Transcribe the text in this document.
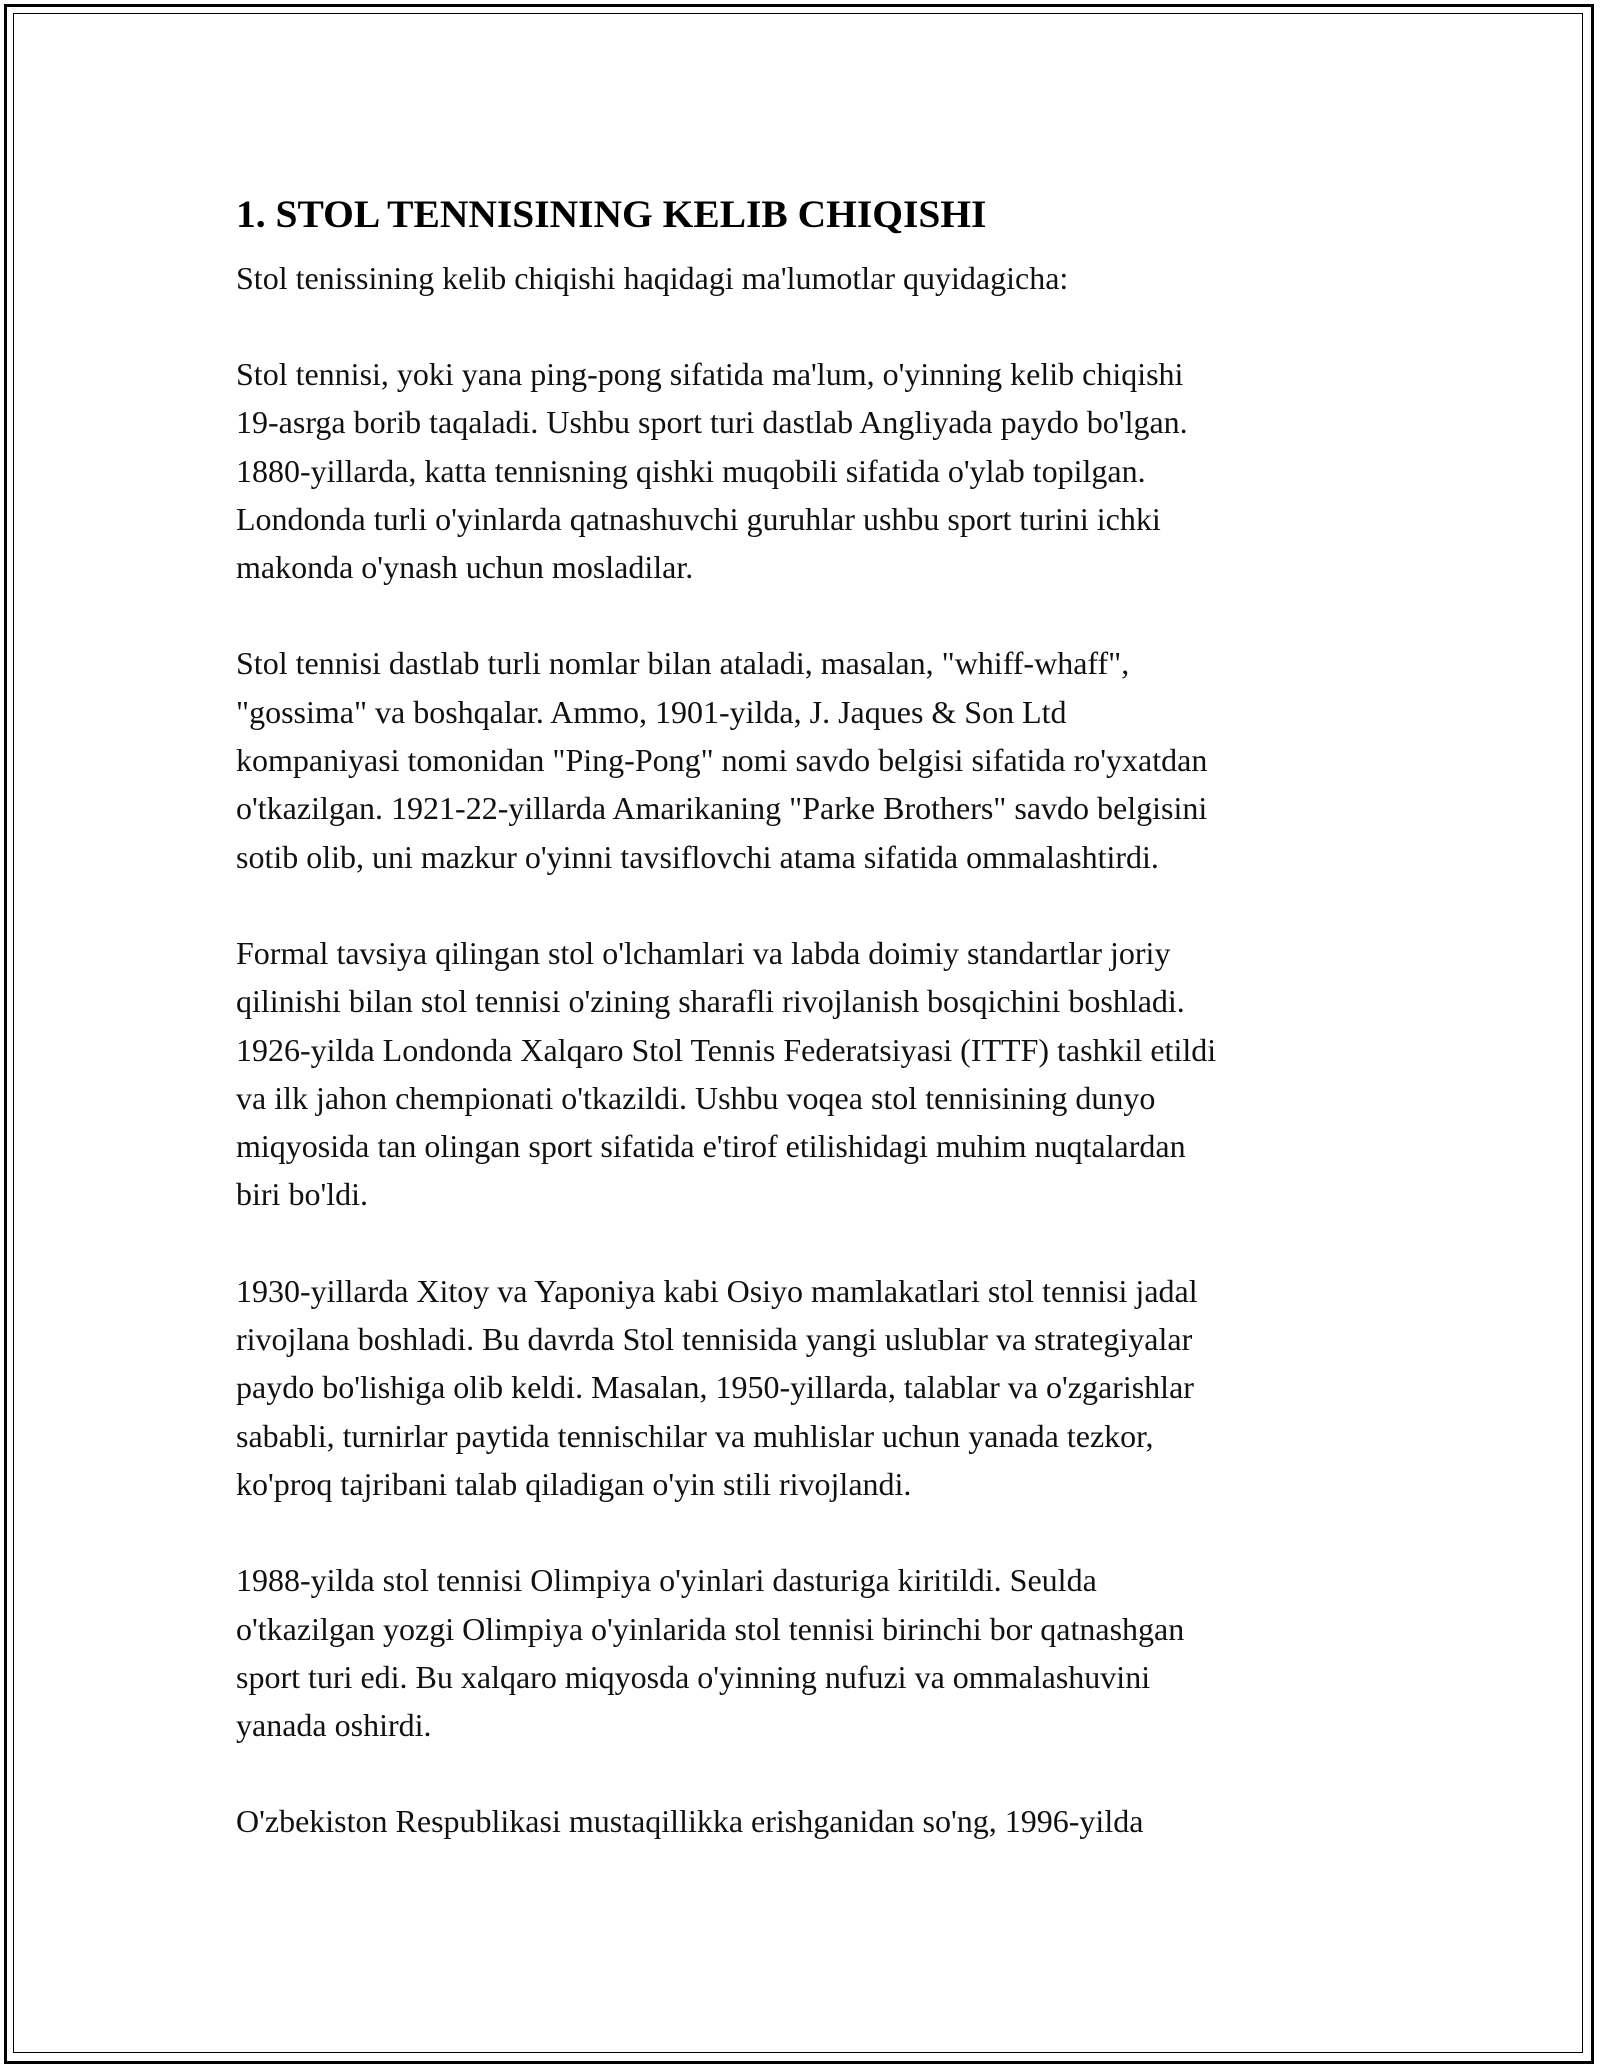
1. STOL TENNISINING KELIB CHIQISHI
Stol tenissining kelib chiqishi haqidagi ma'lumotlar quyidagicha:

Stol tennisi, yoki yana ping-pong sifatida ma'lum, o'yinning kelib chiqishi
19-asrga borib taqaladi. Ushbu sport turi dastlab Angliyada paydo bo'lgan.
1880-yillarda, katta tennisning qishki muqobili sifatida o'ylab topilgan.
Londonda turli o'yinlarda qatnashuvchi guruhlar ushbu sport turini ichki
makonda o'ynash uchun mosladilar.

Stol tennisi dastlab turli nomlar bilan ataladi, masalan, "whiff-whaff",
"gossima" va boshqalar. Ammo, 1901-yilda, J. Jaques & Son Ltd
kompaniyasi tomonidan "Ping-Pong" nomi savdo belgisi sifatida ro'yxatdan
o'tkazilgan. 1921-22-yillarda Amarikaning "Parke Brothers" savdo belgisini
sotib olib, uni mazkur o'yinni tavsiflovchi atama sifatida ommalashtirdi.

Formal tavsiya qilingan stol o'lchamlari va labda doimiy standartlar joriy
qilinishi bilan stol tennisi o'zining sharafli rivojlanish bosqichini boshladi.
1926-yilda Londonda Xalqaro Stol Tennis Federatsiyasi (ITTF) tashkil etildi
va ilk jahon chempionati o'tkazildi. Ushbu voqea stol tennisining dunyo
miqyosida tan olingan sport sifatida e'tirof etilishidagi muhim nuqtalardan
biri bo'ldi.

1930-yillarda Xitoy va Yaponiya kabi Osiyo mamlakatlari stol tennisi jadal
rivojlana boshladi. Bu davrda Stol tennisida yangi uslublar va strategiyalar
paydo bo'lishiga olib keldi. Masalan, 1950-yillarda, talablar va o'zgarishlar
sababli, turnirlar paytida tennischilar va muhlislar uchun yanada tezkor,
ko'proq tajribani talab qiladigan o'yin stili rivojlandi.

1988-yilda stol tennisi Olimpiya o'yinlari dasturiga kiritildi. Seulda
o'tkazilgan yozgi Olimpiya o'yinlarida stol tennisi birinchi bor qatnashgan
sport turi edi. Bu xalqaro miqyosda o'yinning nufuzi va ommalashuvini
yanada oshirdi.

O'zbekiston Respublikasi mustaqillikka erishganidan so'ng, 1996-yilda
